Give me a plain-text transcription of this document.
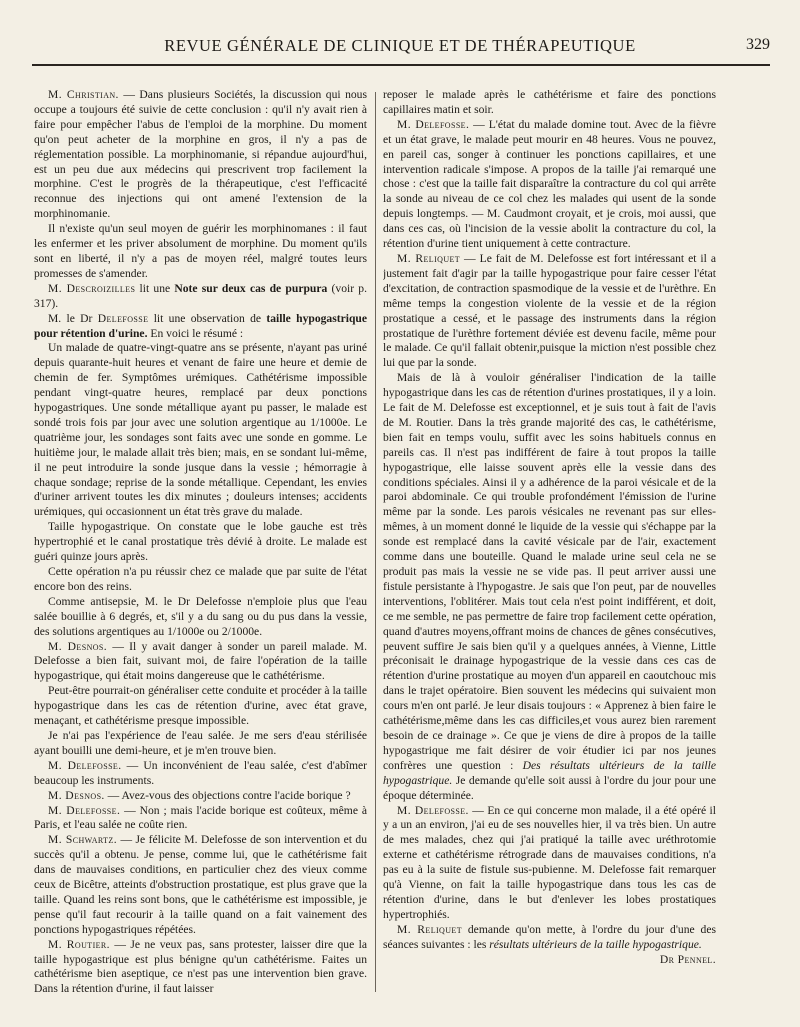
REVUE GÉNÉRALE DE CLINIQUE ET DE THÉRAPEUTIQUE	329

M. Christian. — Dans plusieurs Sociétés, la discussion qui nous occupe a toujours été suivie de cette conclusion : qu'il n'y avait rien à faire pour empêcher l'abus de l'emploi de la morphine. Du moment qu'on peut acheter de la morphine en gros, il n'y a pas de réglementation possible. La morphinomanie, si répandue aujourd'hui, est un peu due aux médecins qui prescrivent trop facilement la morphine. C'est le progrès de la thérapeutique, c'est l'efficacité reconnue des injections qui ont amené l'extension de la morphinomanie.

Il n'existe qu'un seul moyen de guérir les morphinomanes : il faut les enfermer et les priver absolument de morphine. Du moment qu'ils sont en liberté, il n'y a pas de moyen réel, malgré toutes leurs promesses de s'amender.

M. Descroizilles lit une Note sur deux cas de purpura (voir p. 317).

M. le Dr Delefosse lit une observation de taille hypogastrique pour rétention d'urine. En voici le résumé :

Un malade de quatre-vingt-quatre ans se présente, n'ayant pas uriné depuis quarante-huit heures et venant de faire une heure et demie de chemin de fer. Symptômes urémiques. Cathétérisme impossible pendant vingt-quatre heures, remplacé par deux ponctions hypogastriques. Une sonde métallique ayant pu passer, le malade est sondé trois fois par jour avec une solution argentique au 1/1000e. Le quatrième jour, les sondages sont faits avec une sonde en gomme. Le huitième jour, le malade allait très bien; mais, en se sondant lui-même, il ne peut introduire la sonde jusque dans la vessie ; hémorragie à chaque sondage; reprise de la sonde métallique. Cependant, les envies d'uriner arrivent toutes les dix minutes ; douleurs intenses; accidents urémiques, qui occasionnent un état très grave du malade.

Taille hypogastrique. On constate que le lobe gauche est très hypertrophié et le canal prostatique très dévié à droite. Le malade est guéri quinze jours après.

Cette opération n'a pu réussir chez ce malade que par suite de l'état encore bon des reins.

Comme antisepsie, M. le Dr Delefosse n'emploie plus que l'eau salée bouillie à 6 degrés, et, s'il y a du sang ou du pus dans la vessie, des solutions argentiques au 1/1000e ou 2/1000e.

M. Desnos. — Il y avait danger à sonder un pareil malade. M. Delefosse a bien fait, suivant moi, de faire l'opération de la taille hypogastrique, qui était moins dangereuse que le cathétérisme.

Peut-être pourrait-on généraliser cette conduite et procéder à la taille hypogastrique dans les cas de rétention d'urine, avec état grave, menaçant, et cathétérisme presque impossible.

Je n'ai pas l'expérience de l'eau salée. Je me sers d'eau stérilisée ayant bouilli une demi-heure, et je m'en trouve bien.

M. Delefosse. — Un inconvénient de l'eau salée, c'est d'abîmer beaucoup les instruments.

M. Desnos. — Avez-vous des objections contre l'acide borique ?

M. Delefosse. — Non ; mais l'acide borique est coûteux, même à Paris, et l'eau salée ne coûte rien.

M. Schwartz. — Je félicite M. Delefosse de son intervention et du succès qu'il a obtenu. Je pense, comme lui, que le cathétérisme fait dans de mauvaises conditions, en particulier chez des vieux comme ceux de Bicêtre, atteints d'obstruction prostatique, est plus grave que la taille. Quand les reins sont bons, que le cathétérisme est impossible, je pense qu'il faut recourir à la taille quand on a fait vainement des ponctions hypogastriques répétées.

M. Routier. — Je ne veux pas, sans protester, laisser dire que la taille hypogastrique est plus bénigne qu'un cathétérisme. Faites un cathétérisme bien aseptique, ce n'est pas une intervention bien grave. Dans la rétention d'urine, il faut laisser

reposer le malade après le cathétérisme et faire des ponctions capillaires matin et soir.

M. Delefosse. — L'état du malade domine tout. Avec de la fièvre et un état grave, le malade peut mourir en 48 heures. Vous ne pouvez, en pareil cas, songer à continuer les ponctions capillaires, et une intervention radicale s'impose. A propos de la taille j'ai remarqué une chose : c'est que la taille fait disparaître la contracture du col qui arrête la sonde au niveau de ce col chez les malades qui usent de la sonde depuis longtemps. — M. Caudmont croyait, et je crois, moi aussi, que dans ces cas, où l'incision de la vessie abolit la contracture du col, la rétention d'urine tient uniquement à cette contracture.

M. Reliquet — Le fait de M. Delefosse est fort intéressant et il a justement fait d'agir par la taille hypogastrique pour faire cesser l'état d'excitation, de contraction spasmodique de la vessie et de l'urèthre. En même temps la congestion violente de la vessie et de la région prostatique a cessé, et le passage des instruments dans la région prostatique de l'urèthre fortement déviée est devenu facile, même pour le malade. Ce qu'il fallait obtenir,puisque la miction n'est possible chez lui que par la sonde.

Mais de là à vouloir généraliser l'indication de la taille hypogastrique dans les cas de rétention d'urines prostatiques, il y a loin. Le fait de M. Delefosse est exceptionnel, et je suis tout à fait de l'avis de M. Routier. Dans la très grande majorité des cas, le cathétérisme, bien fait en temps voulu, suffit avec les soins habituels connus en pareils cas. Il n'est pas indifférent de faire à tout propos la taille hypogastrique, elle laisse souvent après elle la vessie dans des conditions spéciales. Ainsi il y a adhérence de la paroi vésicale et de la paroi abdominale. Ce qui trouble profondément l'émission de l'urine même par la sonde. Les parois vésicales ne revenant pas sur elles-mêmes, à un moment donné le liquide de la vessie qui s'échappe par la sonde est remplacé dans la cavité vésicale par de l'air, exactement comme dans une bouteille. Quand le malade urine seul cela ne se produit pas mais la vessie ne se vide pas. Il peut arriver aussi une fistule persistante à l'hypogastre. Je sais que l'on peut, par de nouvelles interventions, l'oblitérer. Mais tout cela n'est point indifférent, et doit, ce me semble, ne pas permettre de faire trop facilement cette opération, quand d'autres moyens,offrant moins de chances de gênes consécutives, peuvent suffire Je sais bien qu'il y a quelques années, à Vienne, Little préconisait le drainage hypogastrique de la vessie dans ces cas de rétention d'urine prostatique au moyen d'un appareil en caoutchouc mis dans le trajet opératoire. Bien souvent les médecins qui suivaient mon cours m'en ont parlé. Je leur disais toujours : « Apprenez à bien faire le cathétérisme,même dans les cas difficiles,et vous aurez bien rarement besoin de ce drainage ». Ce que je viens de dire à propos de la taille hypogastrique me fait désirer de voir étudier ici par nos jeunes confrères une question : Des résultats ultérieurs de la taille hypogastrique. Je demande qu'elle soit aussi à l'ordre du jour pour une époque déterminée.

M. Delefosse. — En ce qui concerne mon malade, il a été opéré il y a un an environ, j'ai eu de ses nouvelles hier, il va très bien. Un autre de mes malades, chez qui j'ai pratiqué la taille avec uréthrotomie externe et cathétérisme rétrograde dans de mauvaises conditions, n'a pas eu à la suite de fistule sus-pubienne. M. Delefosse fait remarquer qu'à Vienne, on fait la taille hypogastrique dans tous les cas de rétention d'urine, dans le but d'enlever les lobes prostatiques hypertrophiés.

M. Reliquet demande qu'on mette, à l'ordre du jour d'une des séances suivantes : les résultats ultérieurs de la taille hypogastrique.

Dr Pennel.
